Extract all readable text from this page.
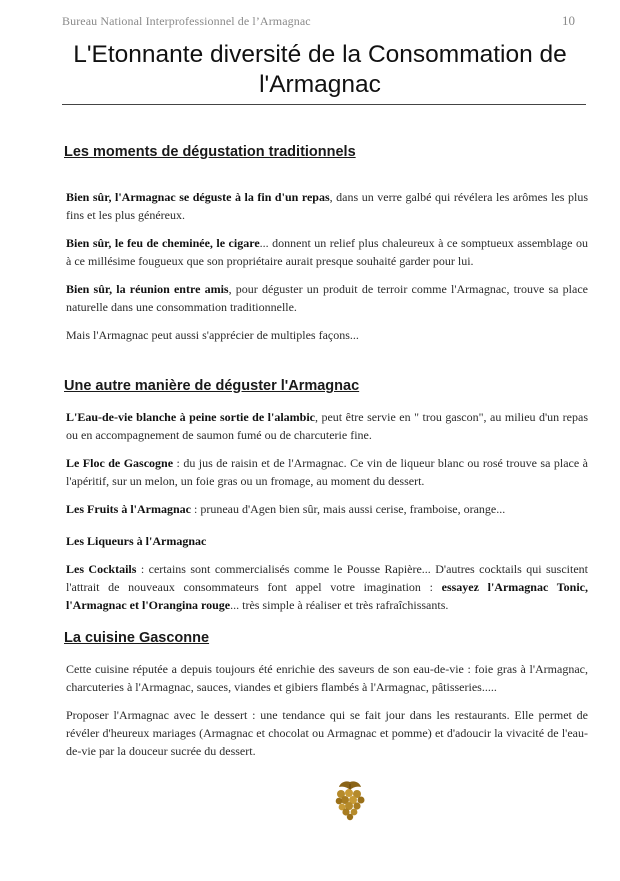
Bureau National Interprofessionnel de l’Armagnac	10
L'Etonnante diversité de la Consommation de l'Armagnac
Les moments de dégustation traditionnels

Bien sûr, l'Armagnac se déguste à la fin d'un repas, dans un verre galbé qui révélera les arômes les plus fins et les plus généreux.

Bien sûr, le feu de cheminée, le cigare... donnent un relief plus chaleureux à ce somptueux assemblage ou à ce millésime fougueux que son propriétaire aurait presque souhaité garder pour lui.

Bien sûr, la réunion entre amis, pour déguster un produit de terroir comme l'Armagnac, trouve sa place naturelle dans une consommation traditionnelle.

Mais l'Armagnac peut aussi s'apprécier de multiples façons...

Une autre manière de déguster l'Armagnac

L'Eau-de-vie blanche à peine sortie de l'alambic, peut être servie en " trou gascon", au milieu d'un repas ou en accompagnement de saumon fumé ou de charcuterie fine.

Le Floc de Gascogne : du jus de raisin et de l'Armagnac. Ce vin de liqueur blanc ou rosé trouve sa place à l'apéritif, sur un melon, un foie gras ou un fromage, au moment du dessert.

Les Fruits à l'Armagnac : pruneau d'Agen bien sûr, mais aussi cerise, framboise, orange...

Les Liqueurs à l'Armagnac

Les Cocktails : certains sont commercialisés comme le Pousse Rapière... D'autres cocktails qui suscitent l'attrait de nouveaux consommateurs font appel votre imagination : essayez l'Armagnac Tonic, l'Armagnac et l'Orangina rouge... très simple à réaliser et très rafraîchissants.

La cuisine Gasconne

Cette cuisine réputée a depuis toujours été enrichie des saveurs de son eau-de-vie : foie gras à l'Armagnac, charcuteries à l'Armagnac, sauces, viandes et gibiers flambés à l'Armagnac, pâtisseries.....

Proposer l'Armagnac avec le dessert : une tendance qui se fait jour dans les restaurants. Elle permet de révéler d'heureux mariages (Armagnac et chocolat ou Armagnac et pomme) et d'adoucir la vivacité de l'eau-de-vie par la douceur sucrée du dessert.
